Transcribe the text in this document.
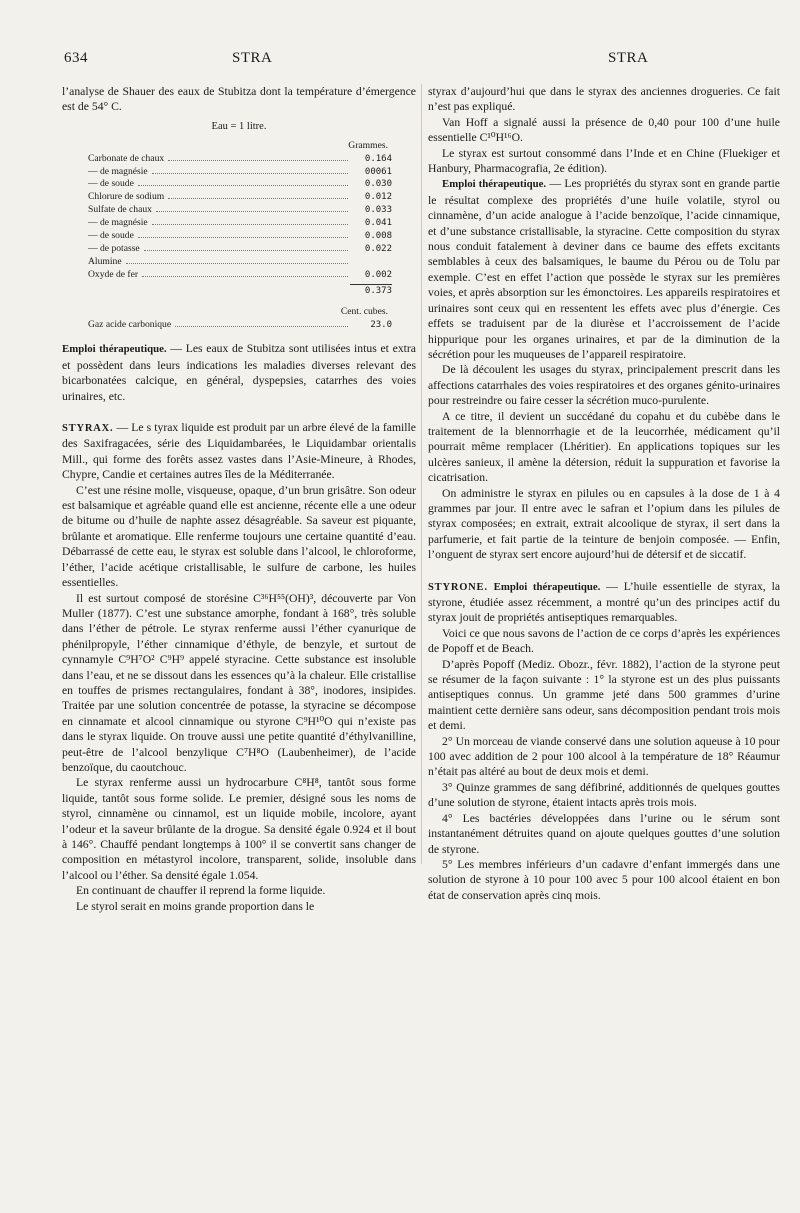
634	STRA	STRA

l’analyse de Shauer des eaux de Stubitza dont la température d’émergence est de 54° C.

Eau = 1 litre.
Grammes.
Carbonate de chaux	0.164
— de magnésie	00061
— de soude	0.030
Chlorure de sodium	0.012
Sulfate de chaux	0.033
— de magnésie	0.041
— de soude	0.008
— de potasse	0.022
Alumine
Oxyde de fer	0.002
0.373
Cent. cubes.
Gaz acide carbonique	23.0

Emploi thérapeutique. — Les eaux de Stubitza sont utilisées intus et extra et possèdent dans leurs indications les maladies diverses relevant des bicarbonatées calcique, en général, dyspepsies, catarrhes des voies urinaires, etc.

STYRAX. — Le s tyrax liquide est produit par un arbre élevé de la famille des Saxifragacées, série des Liquidambarées, le Liquidambar orientalis Mill., qui forme des forêts assez vastes dans l’Asie-Mineure, à Rhodes, Chypre, Candie et certaines autres îles de la Méditerranée.

C’est une résine molle, visqueuse, opaque, d’un brun grisâtre. Son odeur est balsamique et agréable quand elle est ancienne, récente elle a une odeur de bitume ou d’huile de naphte assez désagréable. Sa saveur est piquante, brûlante et aromatique. Elle renferme toujours une certaine quantité d’eau. Débarrassé de cette eau, le styrax est soluble dans l’alcool, le chloroforme, l’éther, l’acide acétique cristallisable, le sulfure de carbone, les huiles essentielles.

Il est surtout composé de storésine C³⁶H⁵⁵(OH)³, découverte par Von Muller (1877). C’est une substance amorphe, fondant à 168°, très soluble dans l’éther de pétrole. Le styrax renferme aussi l’éther cyanurique de phénilpropyle, l’éther cinnamique d’éthyle, de benzyle, et surtout de cynnamyle C⁹H⁷O² C⁹H⁹ appelé styracine. Cette substance est insoluble dans l’eau, et ne se dissout dans les essences qu’à la chaleur. Elle cristallise en touffes de prismes rectangulaires, fondant à 38°, inodores, insipides. Traitée par une solution concentrée de potasse, la styracine se décompose en cinnamate et alcool cinnamique ou styrone C⁹H¹⁰O qui n’existe pas dans le styrax liquide. On trouve aussi une petite quantité d’éthylvanilline, peut-être de l’alcool benzylique C⁷H⁸O (Laubenheimer), de l’acide benzoïque, du caoutchouc.

Le styrax renferme aussi un hydrocarbure C⁸H⁸, tantôt sous forme liquide, tantôt sous forme solide. Le premier, désigné sous les noms de styrol, cinnamène ou cinnamol, est un liquide mobile, incolore, ayant l’odeur et la saveur brûlante de la drogue. Sa densité égale 0.924 et il bout à 146°. Chauffé pendant longtemps à 100° il se convertit sans changer de composition en métastyrol incolore, transparent, solide, insoluble dans l’alcool ou l’éther. Sa densité égale 1.054.

En continuant de chauffer il reprend la forme liquide.

Le styrol serait en moins grande proportion dans le

styrax d’aujourd’hui que dans le styrax des anciennes drogueries. Ce fait n’est pas expliqué.

Van Hoff a signalé aussi la présence de 0,40 pour 100 d’une huile essentielle C¹⁰H¹⁶O.

Le styrax est surtout consommé dans l’Inde et en Chine (Fluekiger et Hanbury, Pharmacografia, 2e édition).

Emploi thérapeutique. — Les propriétés du styrax sont en grande partie le résultat complexe des propriétés d’une huile volatile, styrol ou cinnamène, d’un acide analogue à l’acide benzoïque, l’acide cinnamique, et d’une substance cristallisable, la styracine. Cette composition du styrax nous conduit fatalement à deviner dans ce baume des effets excitants semblables à ceux des balsamiques, le baume du Pérou ou de Tolu par exemple. C’est en effet l’action que possède le styrax sur les premières voies, et après absorption sur les émonctoires. Les appareils respiratoires et urinaires sont ceux qui en ressentent les effets avec plus d’énergie. Ces effets se traduisent par de la diurèse et l’accroissement de l’acide hippurique pour les organes urinaires, et par de la diminution de la sécrétion pour les muqueuses de l’appareil respiratoire.

De là découlent les usages du styrax, principalement prescrit dans les affections catarrhales des voies respiratoires et des organes génito-urinaires pour restreindre ou faire cesser la sécrétion muco-purulente.

A ce titre, il devient un succédané du copahu et du cubèbe dans le traitement de la blennorrhagie et de la leucorrhée, médicament qu’il pourrait même remplacer (Lhéritier). En applications topiques sur les ulcères sanieux, il amène la détersion, réduit la suppuration et favorise la cicatrisation.

On administre le styrax en pilules ou en capsules à la dose de 1 à 4 grammes par jour. Il entre avec le safran et l’opium dans les pilules de styrax composées; en extrait, extrait alcoolique de styrax, il sert dans la parfumerie, et fait partie de la teinture de benjoin composée. — Enfin, l’onguent de styrax sert encore aujourd’hui de détersif et de siccatif.

STYRONE. Emploi thérapeutique. — L’huile essentielle de styrax, la styrone, étudiée assez récemment, a montré qu’un des principes actif du styrax jouit de propriétés antiseptiques remarquables.

Voici ce que nous savons de l’action de ce corps d’après les expériences de Popoff et de Beach.

D’après Popoff (Mediz. Obozr., févr. 1882), l’action de la styrone peut se résumer de la façon suivante : 1° la styrone est un des plus puissants antiseptiques connus. Un gramme jeté dans 500 grammes d’urine maintient cette dernière sans odeur, sans décomposition pendant trois mois et demi.

2° Un morceau de viande conservé dans une solution aqueuse à 10 pour 100 avec addition de 2 pour 100 alcool à la température de 18° Réaumur n’était pas altéré au bout de deux mois et demi.

3° Quinze grammes de sang défibriné, additionnés de quelques gouttes d’une solution de styrone, étaient intacts après trois mois.

4° Les bactéries développées dans l’urine ou le sérum sont instantanément détruites quand on ajoute quelques gouttes d’une solution de styrone.

5° Les membres inférieurs d’un cadavre d’enfant immergés dans une solution de styrone à 10 pour 100 avec 5 pour 100 alcool étaient en bon état de conservation après cinq mois.
